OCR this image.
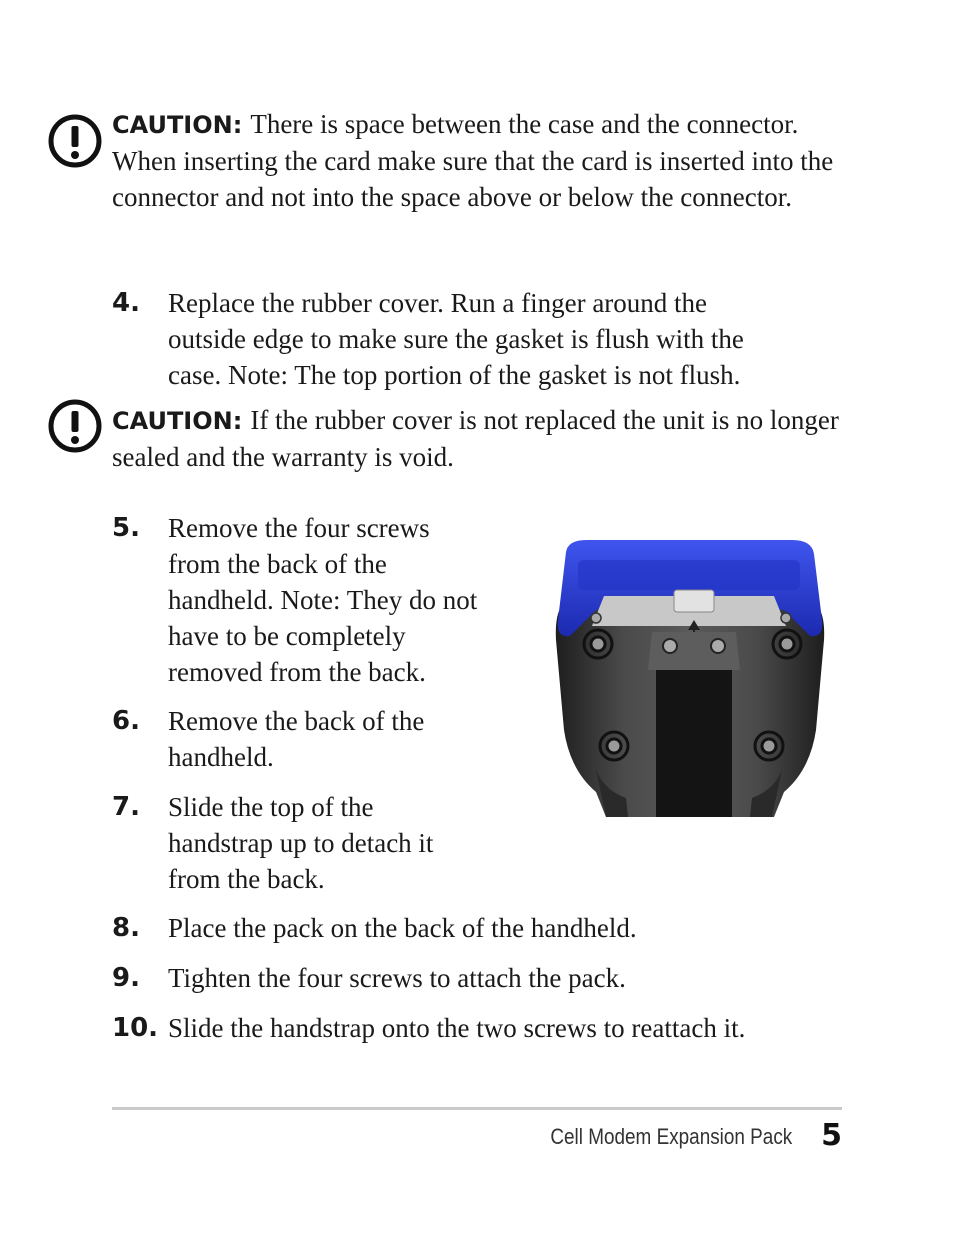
CAUTION: There is space between the case and the connector. When inserting the card make sure that the card is inserted into the connector and not into the space above or below the connector.
4.	Replace the rubber cover. Run a finger around the
outside edge to make sure the gasket is flush with the
case. Note: The top portion of the gasket is not flush.
CAUTION: If the rubber cover is not replaced the unit is no longer sealed and the warranty is void.
5.	Remove the four screws
from the back of the
handheld. Note: They do not
have to be completely
removed from the back.
6.	Remove the back of the
handheld.
7.	Slide the top of the
handstrap up to detach it
from the back.
8.	Place the pack on the back of the handheld.
9.	Tighten the four screws to attach the pack.
10. Slide the handstrap onto the two screws to reattach it.
Cell Modem Expansion Pack 5
